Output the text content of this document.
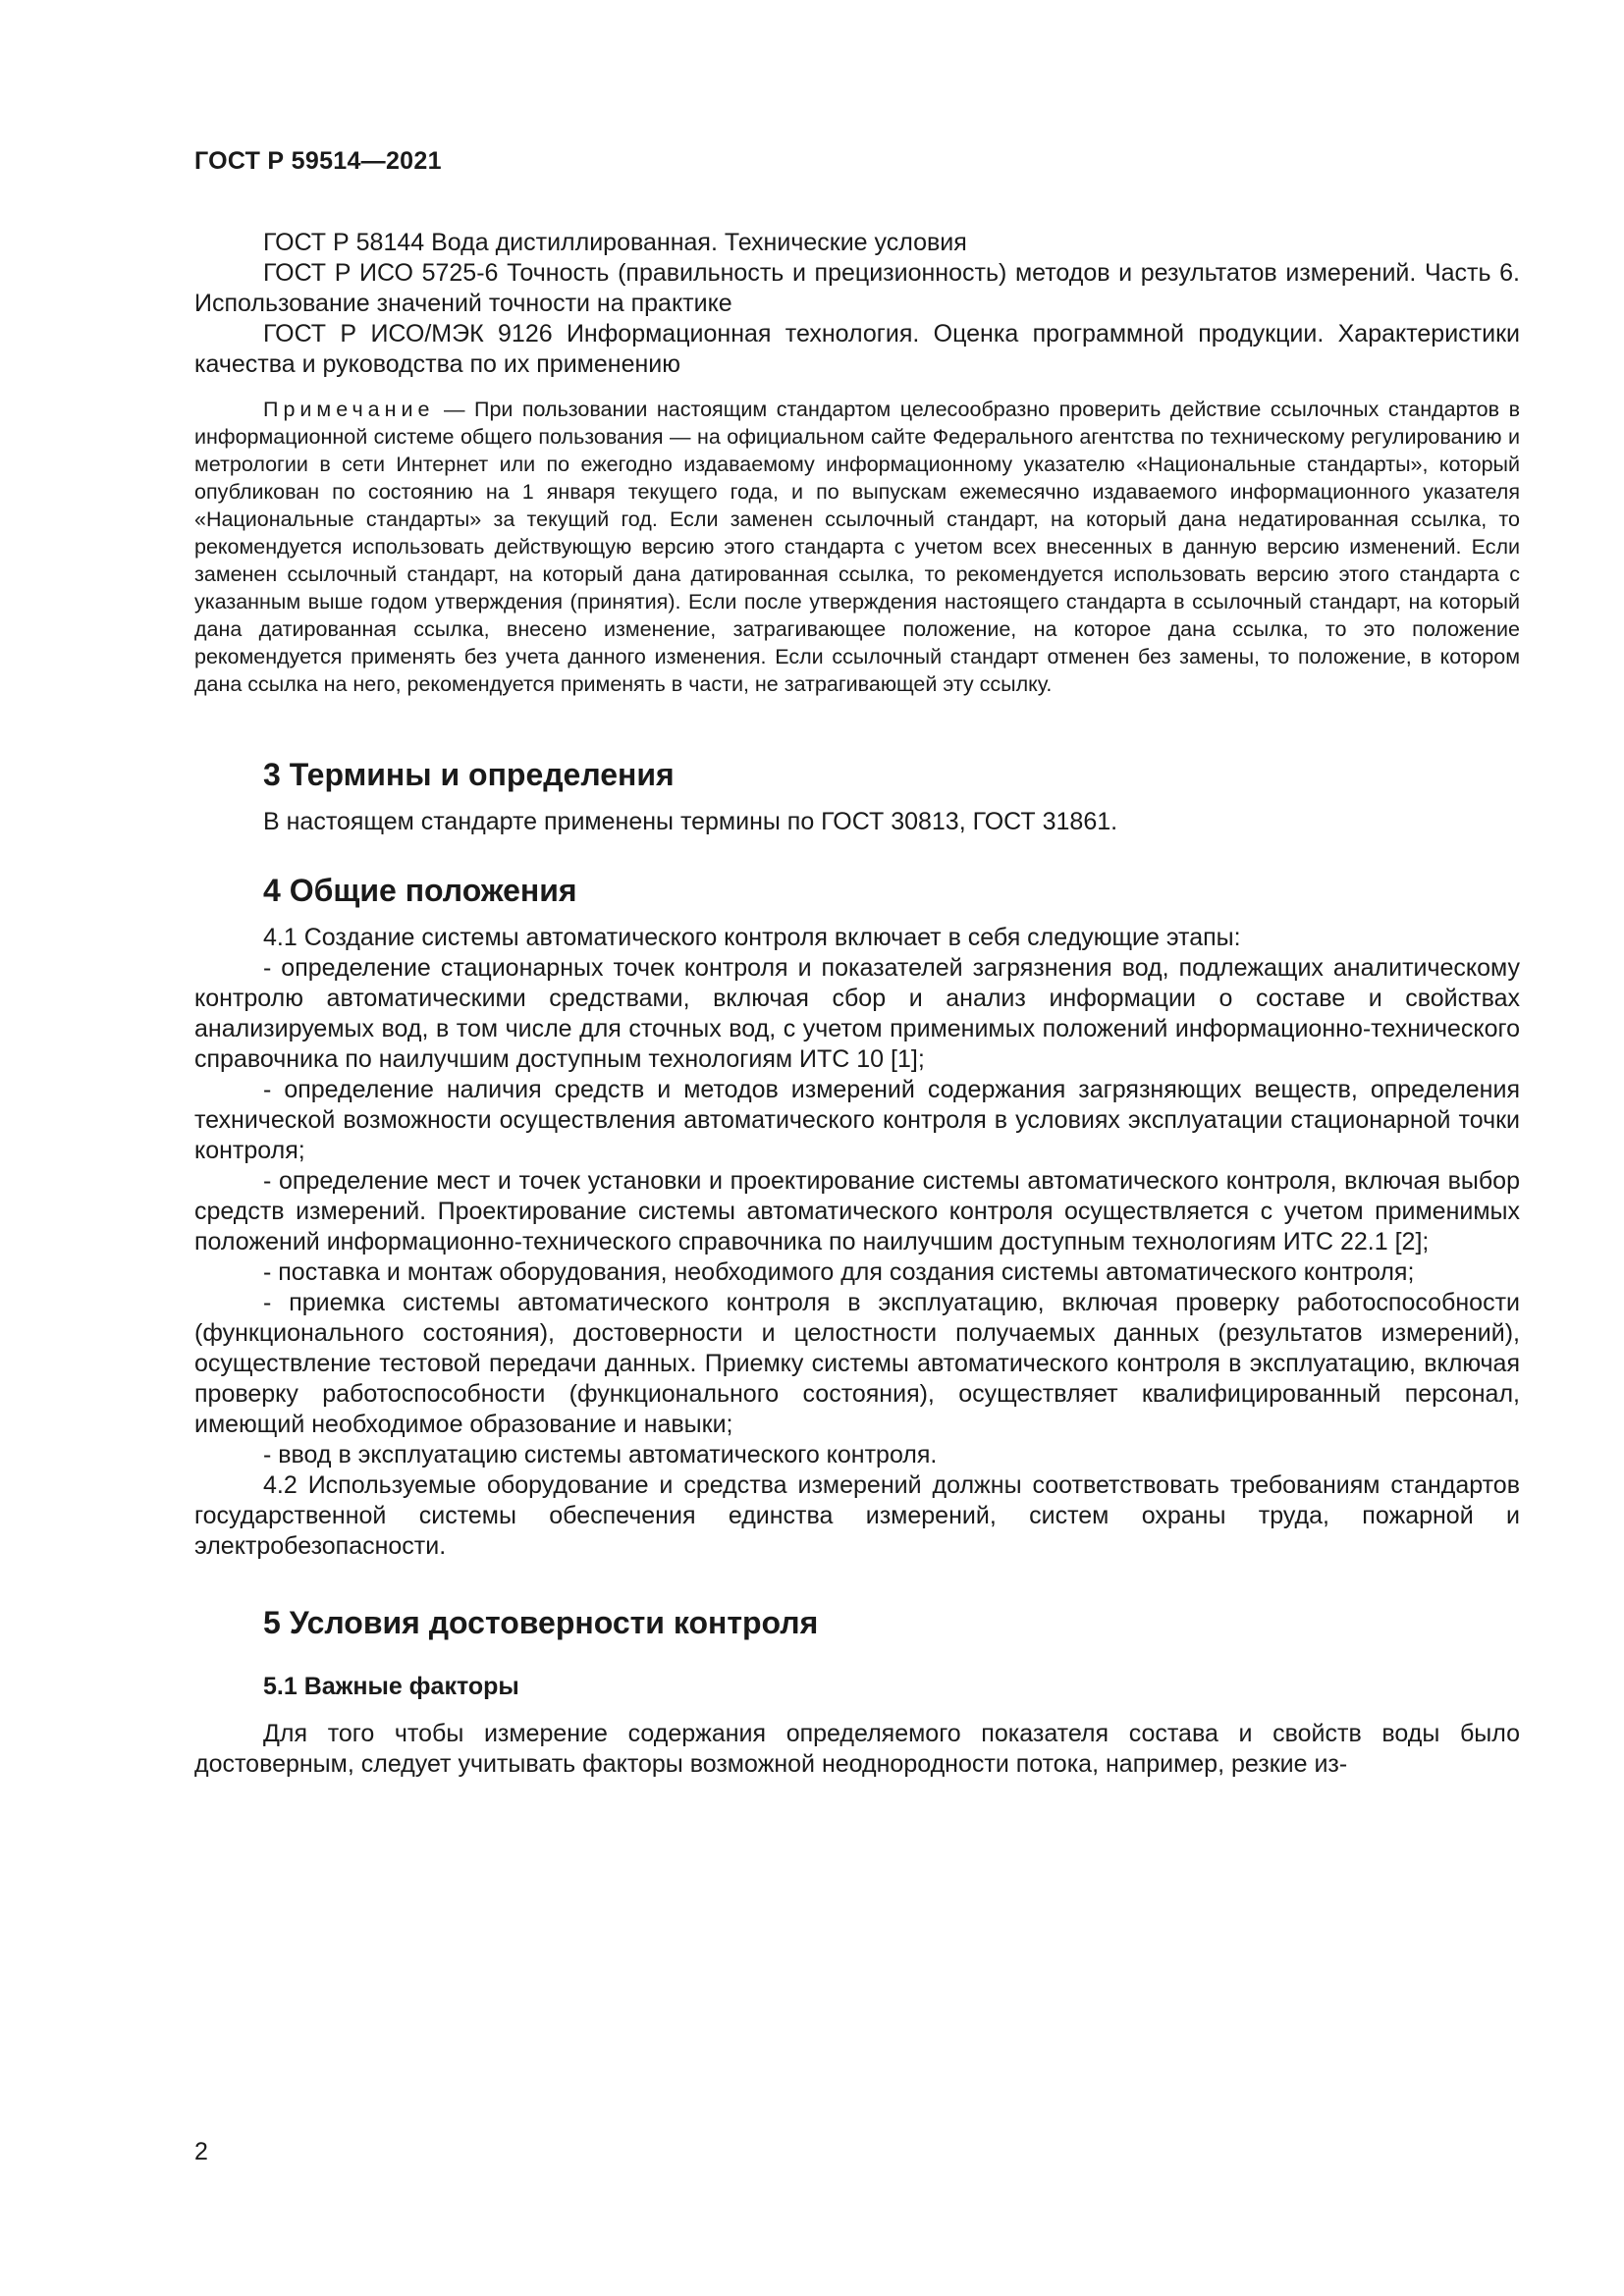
ГОСТ Р 59514—2021

ГОСТ Р 58144 Вода дистиллированная. Технические условия

ГОСТ Р ИСО 5725-6 Точность (правильность и прецизионность) методов и результатов измерений. Часть 6. Использование значений точности на практике

ГОСТ Р ИСО/МЭК 9126 Информационная технология. Оценка программной продукции. Характеристики качества и руководства по их применению

Примечание — При пользовании настоящим стандартом целесообразно проверить действие ссылочных стандартов в информационной системе общего пользования — на официальном сайте Федерального агентства по техническому регулированию и метрологии в сети Интернет или по ежегодно издаваемому информационному указателю «Национальные стандарты», который опубликован по состоянию на 1 января текущего года, и по выпускам ежемесячно издаваемого информационного указателя «Национальные стандарты» за текущий год. Если заменен ссылочный стандарт, на который дана недатированная ссылка, то рекомендуется использовать действующую версию этого стандарта с учетом всех внесенных в данную версию изменений. Если заменен ссылочный стандарт, на который дана датированная ссылка, то рекомендуется использовать версию этого стандарта с указанным выше годом утверждения (принятия). Если после утверждения настоящего стандарта в ссылочный стандарт, на который дана датированная ссылка, внесено изменение, затрагивающее положение, на которое дана ссылка, то это положение рекомендуется применять без учета данного изменения. Если ссылочный стандарт отменен без замены, то положение, в котором дана ссылка на него, рекомендуется применять в части, не затрагивающей эту ссылку.

3 Термины и определения

В настоящем стандарте применены термины по ГОСТ 30813, ГОСТ 31861.

4 Общие положения

4.1 Создание системы автоматического контроля включает в себя следующие этапы:

- определение стационарных точек контроля и показателей загрязнения вод, подлежащих аналитическому контролю автоматическими средствами, включая сбор и анализ информации о составе и свойствах анализируемых вод, в том числе для сточных вод, с учетом применимых положений информационно-технического справочника по наилучшим доступным технологиям ИТС 10 [1];

- определение наличия средств и методов измерений содержания загрязняющих веществ, определения технической возможности осуществления автоматического контроля в условиях эксплуатации стационарной точки контроля;

- определение мест и точек установки и проектирование системы автоматического контроля, включая выбор средств измерений. Проектирование системы автоматического контроля осуществляется с учетом применимых положений информационно-технического справочника по наилучшим доступным технологиям ИТС 22.1 [2];

- поставка и монтаж оборудования, необходимого для создания системы автоматического контроля;

- приемка системы автоматического контроля в эксплуатацию, включая проверку работоспособности (функционального состояния), достоверности и целостности получаемых данных (результатов измерений), осуществление тестовой передачи данных. Приемку системы автоматического контроля в эксплуатацию, включая проверку работоспособности (функционального состояния), осуществляет квалифицированный персонал, имеющий необходимое образование и навыки;

- ввод в эксплуатацию системы автоматического контроля.

4.2 Используемые оборудование и средства измерений должны соответствовать требованиям стандартов государственной системы обеспечения единства измерений, систем охраны труда, пожарной и электробезопасности.

5 Условия достоверности контроля
5.1 Важные факторы

Для того чтобы измерение содержания определяемого показателя состава и свойств воды было достоверным, следует учитывать факторы возможной неоднородности потока, например, резкие из-

2
